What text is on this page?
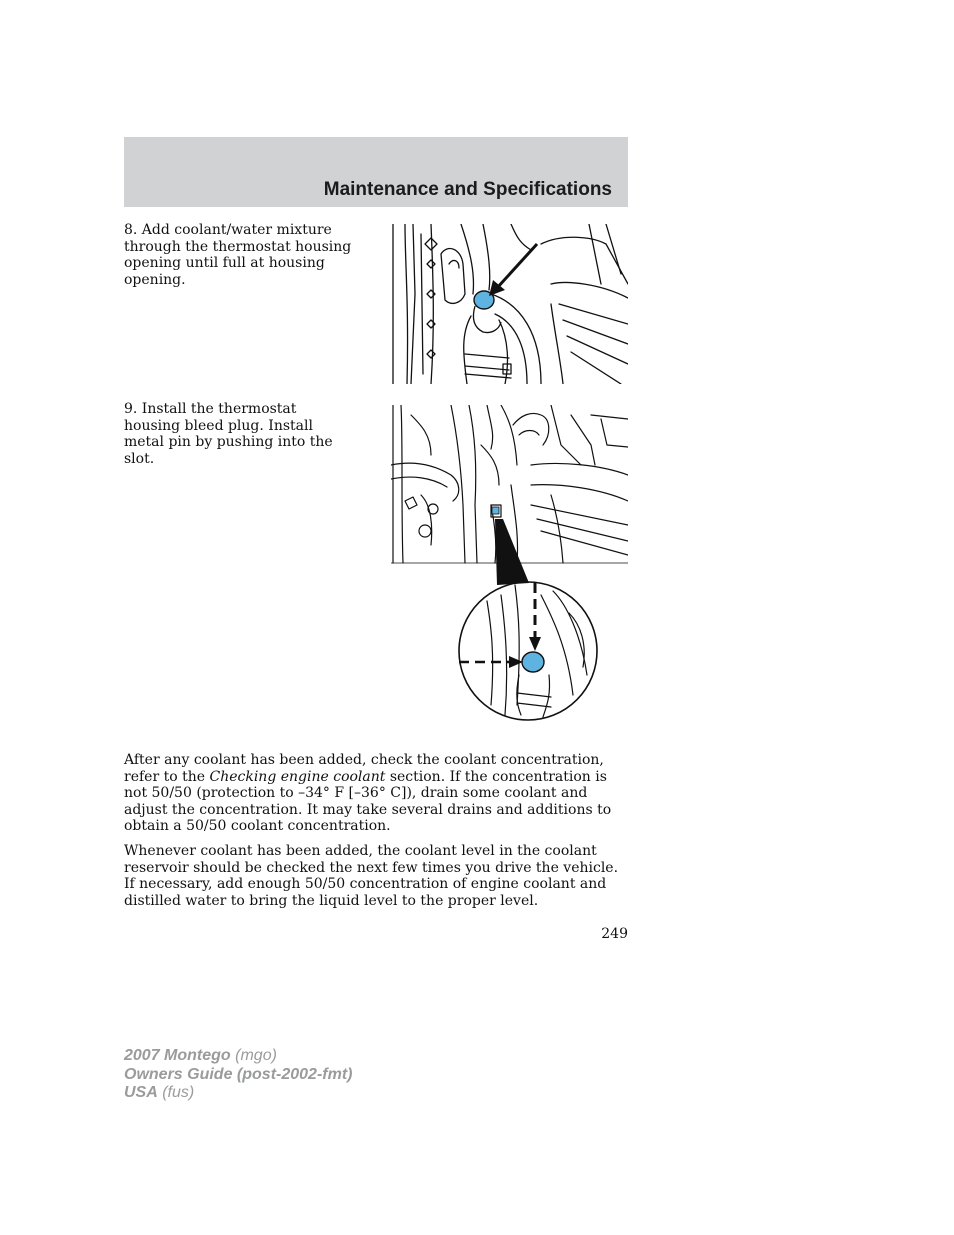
Maintenance and Specifications

8. Add coolant/water mixture through the thermostat housing opening until full at housing opening.

9. Install the thermostat housing bleed plug. Install metal pin by pushing into the slot.

After any coolant has been added, check the coolant concentration, refer to the Checking engine coolant section. If the concentration is not 50/50 (protection to –34° F [–36° C]), drain some coolant and adjust the concentration. It may take several drains and additions to obtain a 50/50 coolant concentration.

Whenever coolant has been added, the coolant level in the coolant reservoir should be checked the next few times you drive the vehicle. If necessary, add enough 50/50 concentration of engine coolant and distilled water to bring the liquid level to the proper level.

249

2007 Montego (mgo)
Owners Guide (post-2002-fmt)
USA (fus)
